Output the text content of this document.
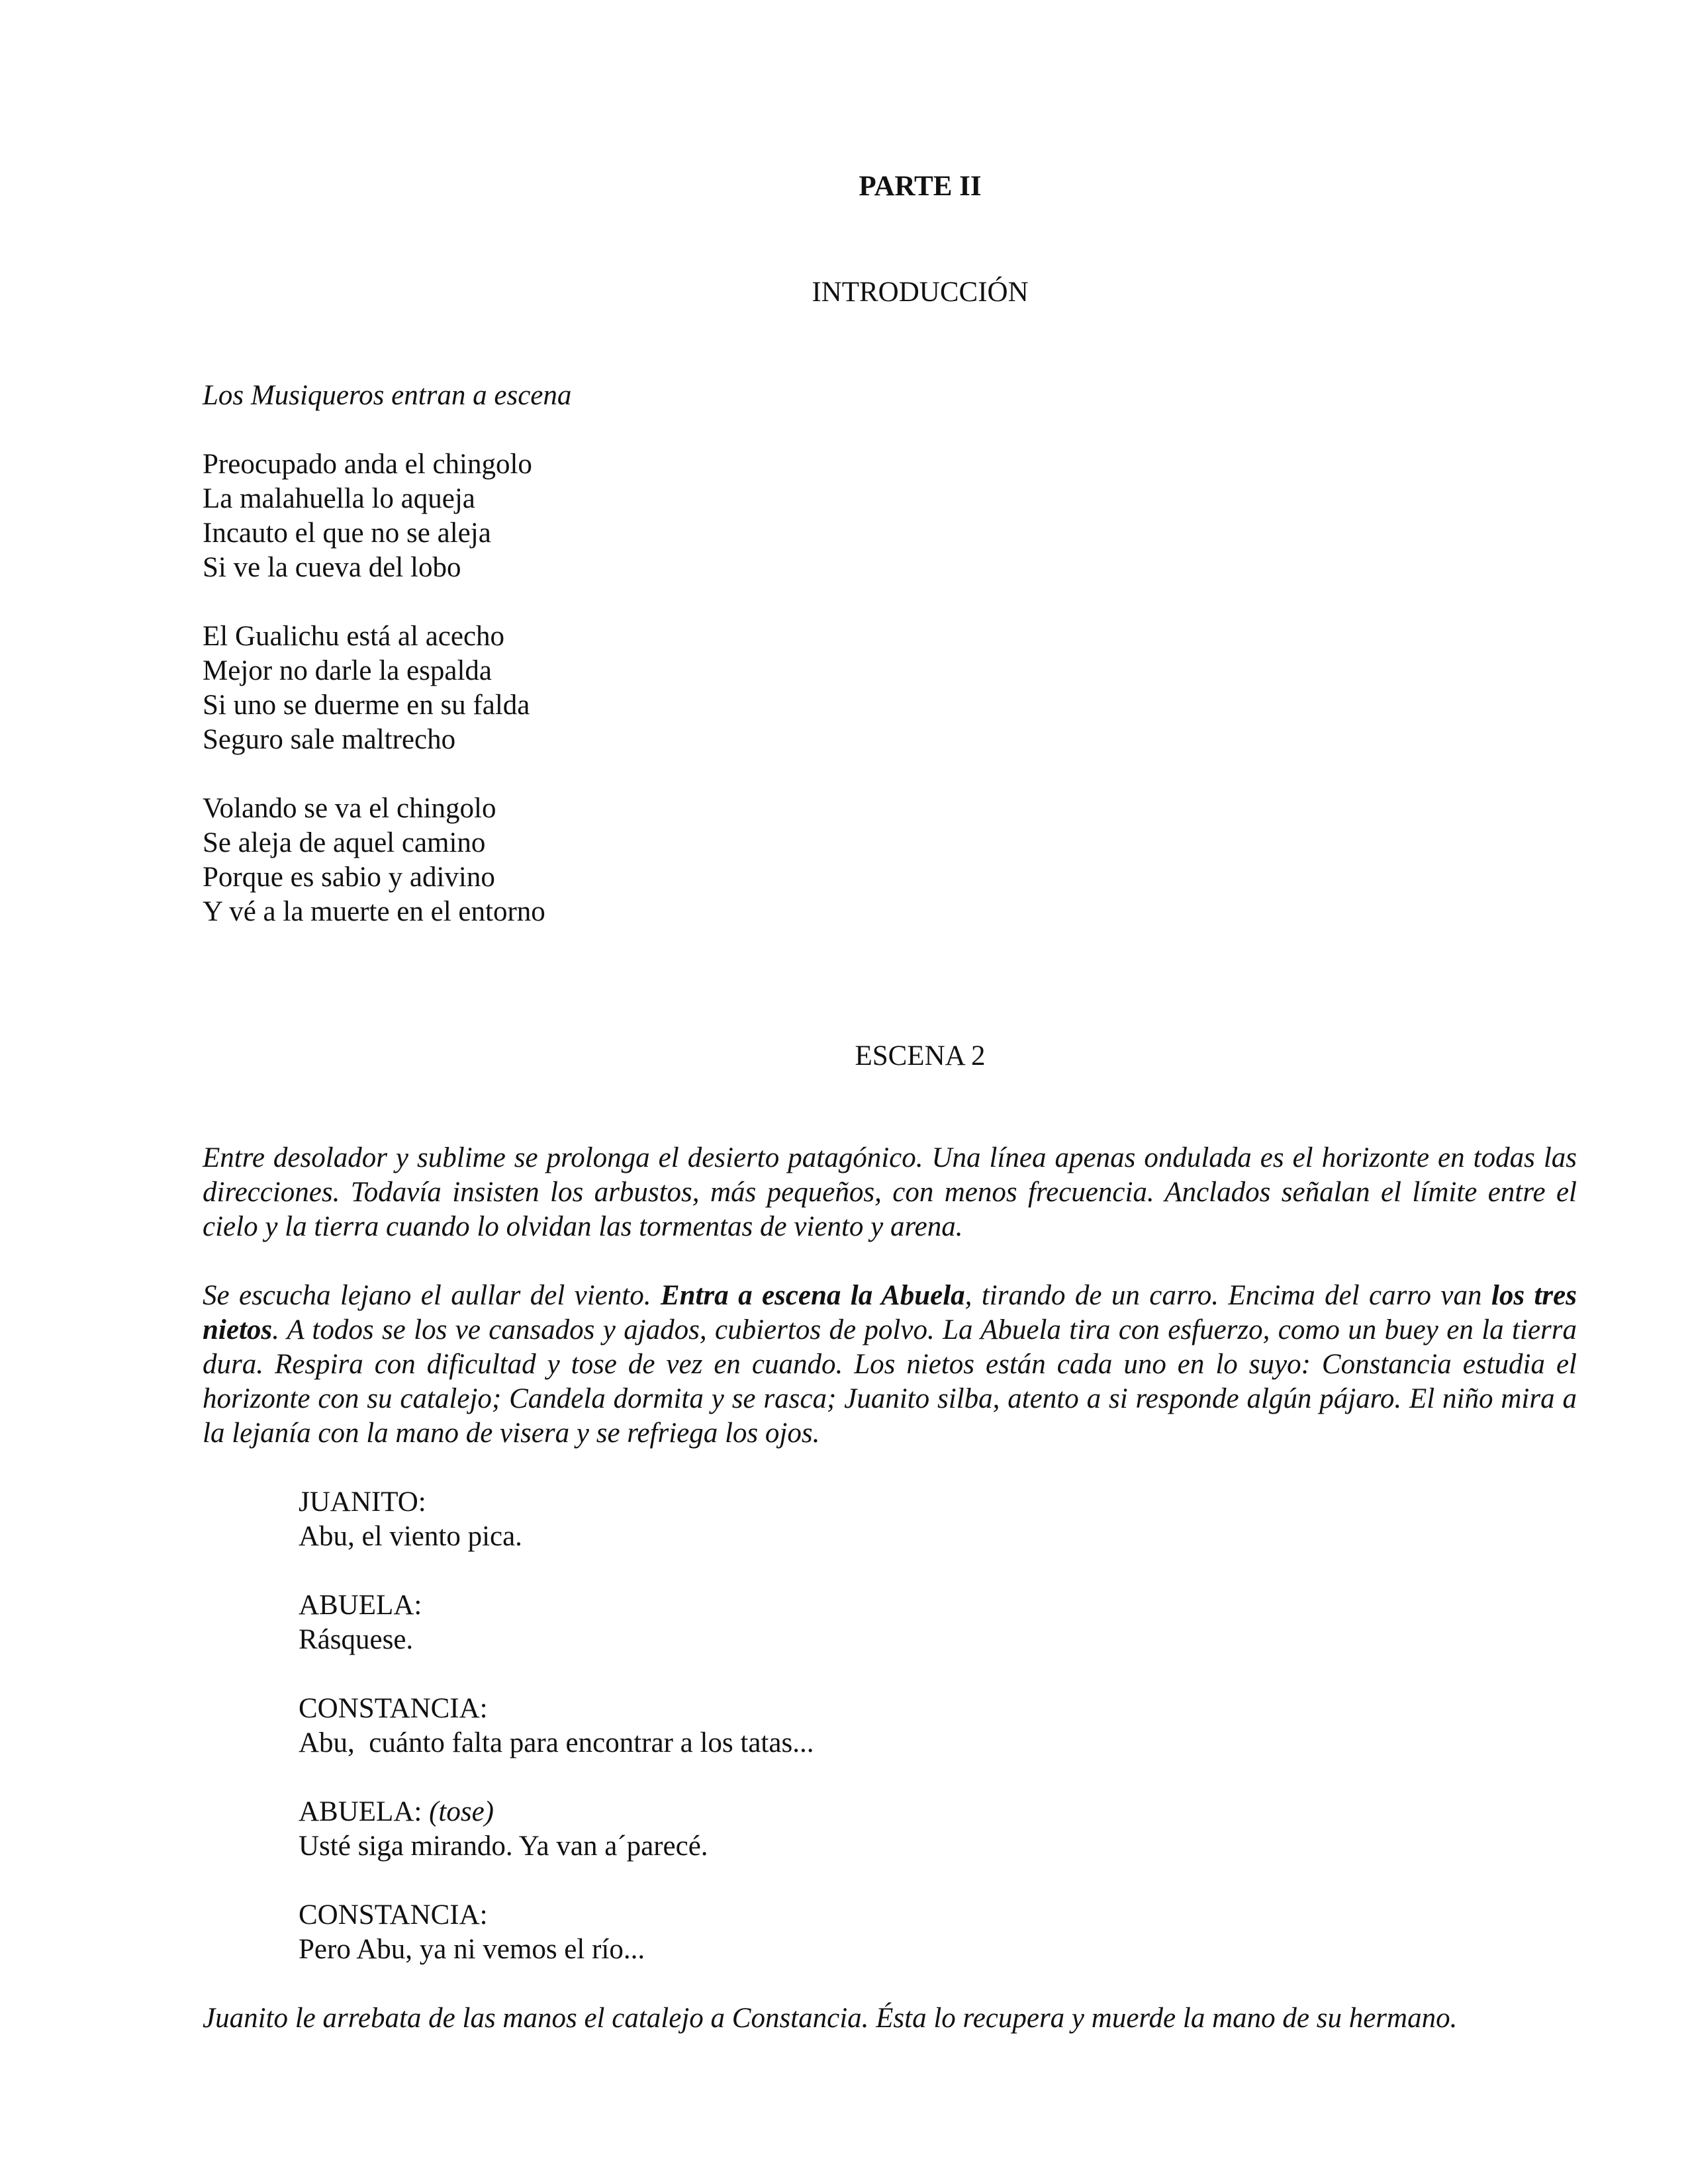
PARTE II
INTRODUCCIÓN
Los Musiqueros entran a escena
Preocupado anda el chingolo
La malahuella lo aqueja
Incauto el que no se aleja
Si ve la cueva del lobo
El Gualichu está al acecho
Mejor no darle la espalda
Si uno se duerme en su falda
Seguro sale maltrecho
Volando se va el chingolo
Se aleja de aquel camino
Porque es sabio y adivino
Y vé a la muerte en el entorno
ESCENA 2
Entre desolador y sublime se prolonga el desierto patagónico. Una línea apenas ondulada es el horizonte en todas las direcciones. Todavía insisten los arbustos, más pequeños, con menos frecuencia. Anclados señalan el límite entre el cielo y la tierra cuando lo olvidan las tormentas de viento y arena.
Se escucha lejano el aullar del viento. Entra a escena la Abuela, tirando de un carro. Encima del carro van los tres nietos. A todos se los ve cansados y ajados, cubiertos de polvo. La Abuela tira con esfuerzo, como un buey en la tierra dura. Respira con dificultad y tose de vez en cuando. Los nietos están cada uno en lo suyo: Constancia estudia el horizonte con su catalejo; Candela dormita y se rasca; Juanito silba, atento a si responde algún pájaro. El niño mira a la lejanía con la mano de visera y se refriega los ojos.
JUANITO:
Abu, el viento pica.
ABUELA:
Rásquese.
CONSTANCIA:
Abu,  cuánto falta para encontrar a los tatas...
ABUELA: (tose)
Usté siga mirando. Ya van a´parecé.
CONSTANCIA:
Pero Abu, ya ni vemos el río...
Juanito le arrebata de las manos el catalejo a Constancia. Ésta lo recupera y muerde la mano de su hermano.
